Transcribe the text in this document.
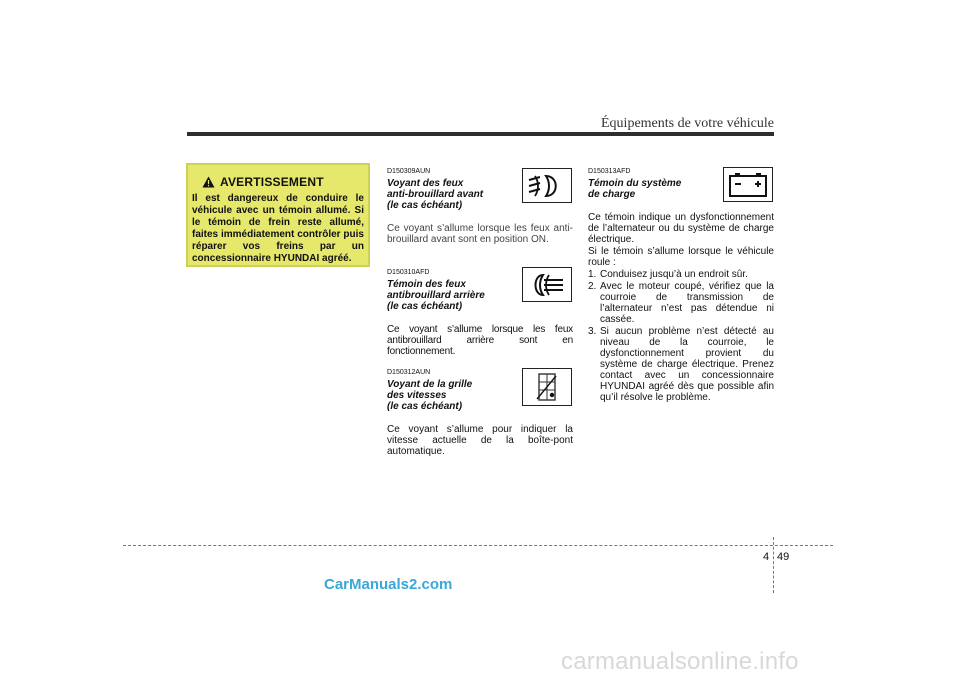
Équipements de votre véhicule
AVERTISSEMENT
Il est dangereux de conduire le véhicule avec un témoin allumé. Si le témoin de frein reste allumé, faites immédiatement contrôler puis réparer vos freins par un concessionnaire HYUNDAI agréé.
D150309AUN
Voyant des feux
anti-brouillard avant
(le cas échéant)
Ce voyant s’allume lorsque les feux anti-brouillard avant sont en position ON.
D150310AFD
Témoin des feux
antibrouillard arrière
(le cas échéant)
Ce voyant s’allume lorsque les feux antibrouillard arrière sont en fonctionnement.
D150312AUN
Voyant de la grille
des vitesses
(le cas échéant)
Ce voyant s’allume pour indiquer la vitesse actuelle de la boîte-pont automatique.
D150313AFD
Témoin du système
de charge
Ce témoin indique un dysfonctionnement de l’alternateur ou du système de charge électrique.
Si le témoin s’allume lorsque le véhicule roule :
1. Conduisez jusqu’à un endroit sûr.
2. Avec le moteur coupé, vérifiez que la courroie de transmission de l’alternateur n’est pas détendue ni cassée.
3. Si aucun problème n’est détecté au niveau de la courroie, le dysfonctionnement provient du système de charge électrique. Prenez contact avec un concessionnaire HYUNDAI agréé dès que possible afin qu’il résolve le problème.
4 49
CarManuals2.com
carmanualsonline.info
